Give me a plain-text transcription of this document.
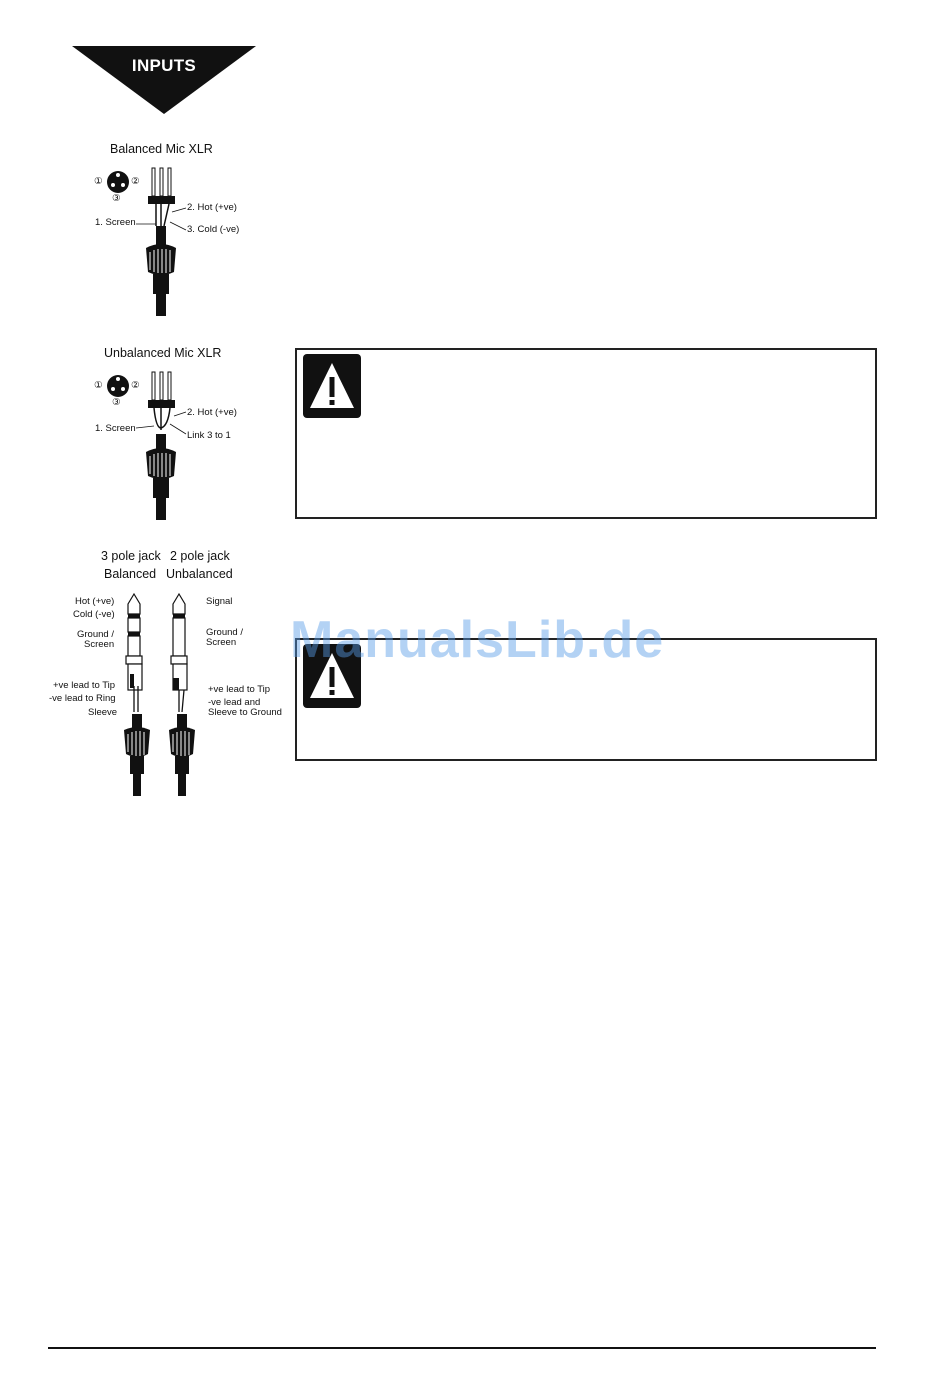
INPUTS
Balanced Mic XLR
①	②
③
2. Hot (+ve)
1. Screen
3. Cold (-ve)
Unbalanced Mic XLR
①	②
③
2. Hot (+ve)
1. Screen
Link 3 to 1
3 pole jack
Balanced
2 pole jack
Unbalanced
Hot (+ve)
Cold (-ve)
Ground /
Screen
+ve lead to Tip
-ve lead to Ring
Sleeve
Signal
Ground /
Screen
+ve lead to Tip
-ve lead and
Sleeve to Ground
ManualsLib.de
